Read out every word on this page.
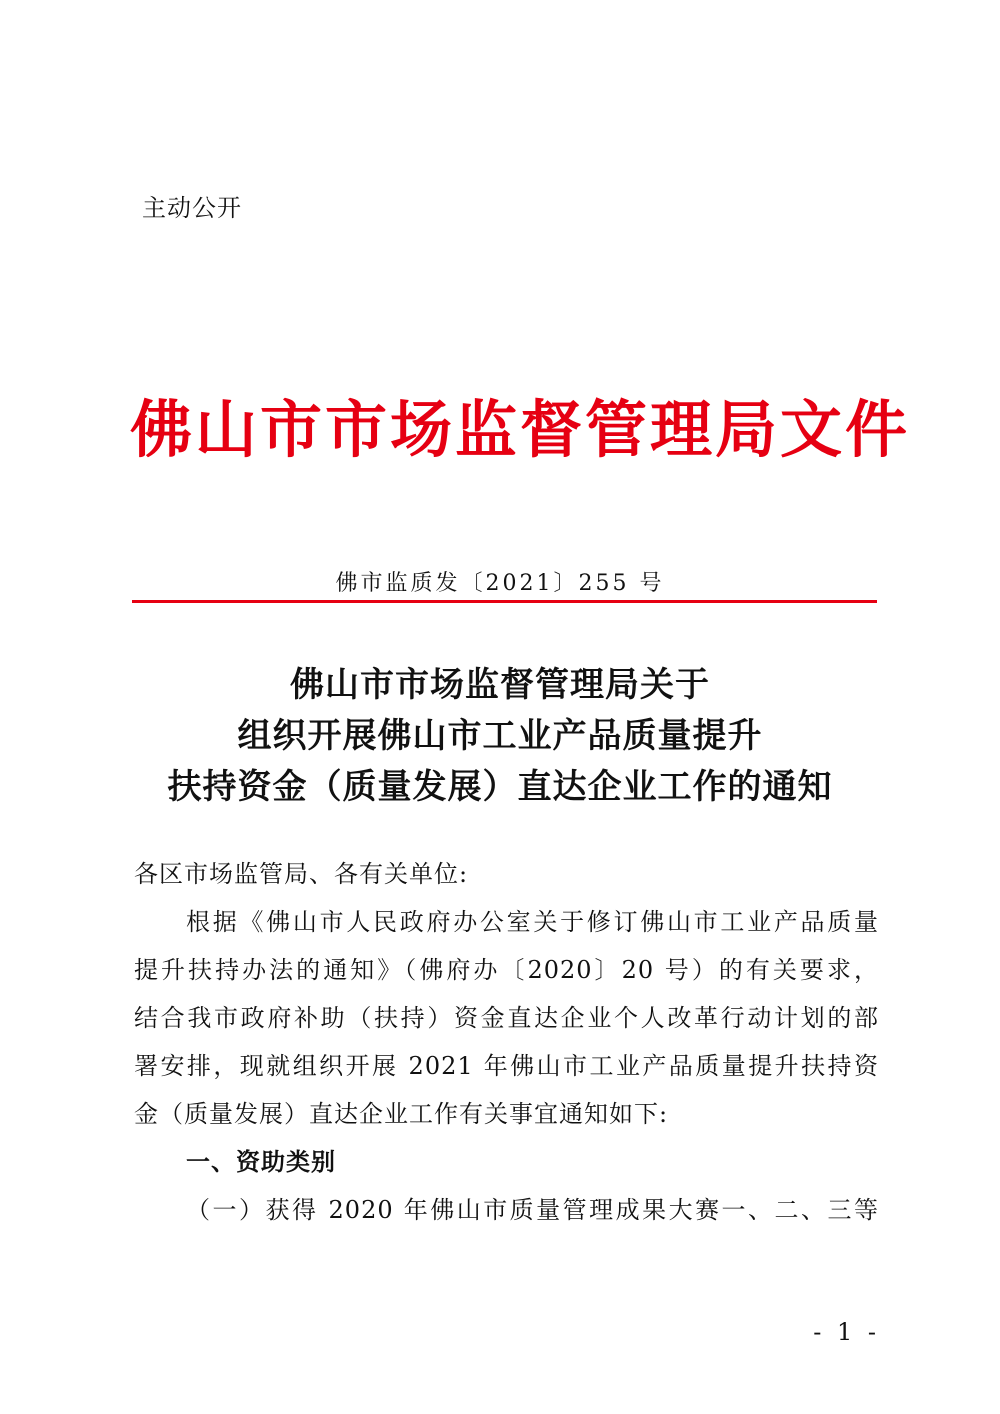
主动公开
佛山市市场监督管理局文件
佛市监质发〔2021〕255 号
佛山市市场监督管理局关于
组织开展佛山市工业产品质量提升
扶持资金（质量发展）直达企业工作的通知
各区市场监管局、各有关单位:
根据《佛山市人民政府办公室关于修订佛山市工业产品质量
提升扶持办法的通知》（佛府办〔2020〕20 号）的有关要求，
结合我市政府补助（扶持）资金直达企业个人改革行动计划的部
署安排，现就组织开展 2021 年佛山市工业产品质量提升扶持资
金（质量发展）直达企业工作有关事宜通知如下:
一、资助类别
（一）获得 2020 年佛山市质量管理成果大赛一、二、三等
- 1 -
